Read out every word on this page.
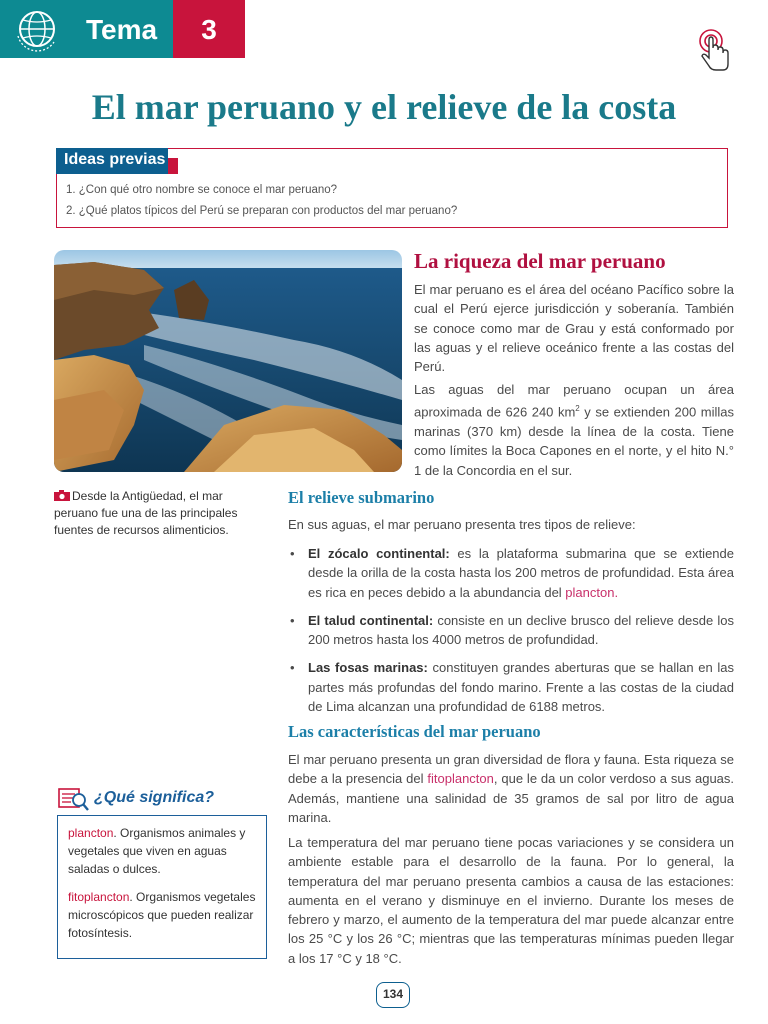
Tema	3
El mar peruano y el relieve de la costa
Ideas previas
1. ¿Con qué otro nombre se conoce el mar peruano?
2. ¿Qué platos típicos del Perú se preparan con productos del mar peruano?
Desde la Antigüedad, el mar peruano fue una de las principales fuentes de recursos alimenticios.
La riqueza del mar peruano

El mar peruano es el área del océano Pacífico sobre la cual el Perú ejerce jurisdicción y soberanía. También se conoce como mar de Grau y está conformado por las aguas y el relieve oceánico frente a las costas del Perú.

Las aguas del mar peruano ocupan un área aproximada de 626 240 $km^2$ y se extienden 200 millas marinas (370 km) desde la línea de la costa. Tiene como límites la Boca Capones en el norte, y el hito N.° 1 de la Concordia en el sur.

El relieve submarino

En sus aguas, el mar peruano presenta tres tipos de relieve:

• El zócalo continental: es la plataforma submarina que se extiende desde la orilla de la costa hasta los 200 metros de profundidad. Esta área es rica en peces debido a la abundancia del plancton.
• El talud continental: consiste en un declive brusco del relieve desde los 200 metros hasta los 4000 metros de profundidad.
• Las fosas marinas: constituyen grandes aberturas que se hallan en las partes más profundas del fondo marino. Frente a las costas de la ciudad de Lima alcanzan una profundidad de 6188 metros.
Las características del mar peruano

El mar peruano presenta un gran diversidad de flora y fauna. Esta riqueza se debe a la presencia del fitoplancton, que le da un color verdoso a sus aguas. Además, mantiene una salinidad de 35 gramos de sal por litro de agua marina.

La temperatura del mar peruano tiene pocas variaciones y se considera un ambiente estable para el desarrollo de la fauna. Por lo general, la temperatura del mar peruano presenta cambios a causa de las estaciones: aumenta en el verano y disminuye en el invierno. Durante los meses de febrero y marzo, el aumento de la temperatura del mar puede alcanzar entre los 25 °C y los 26 °C; mientras que las temperaturas mínimas pueden llegar a los 17 °C y 18 °C.

¿Qué significa?

plancton. Organismos animales y vegetales que viven en aguas saladas o dulces.

fitoplancton. Organismos vegetales microscópicos que pueden realizar fotosíntesis.

134
